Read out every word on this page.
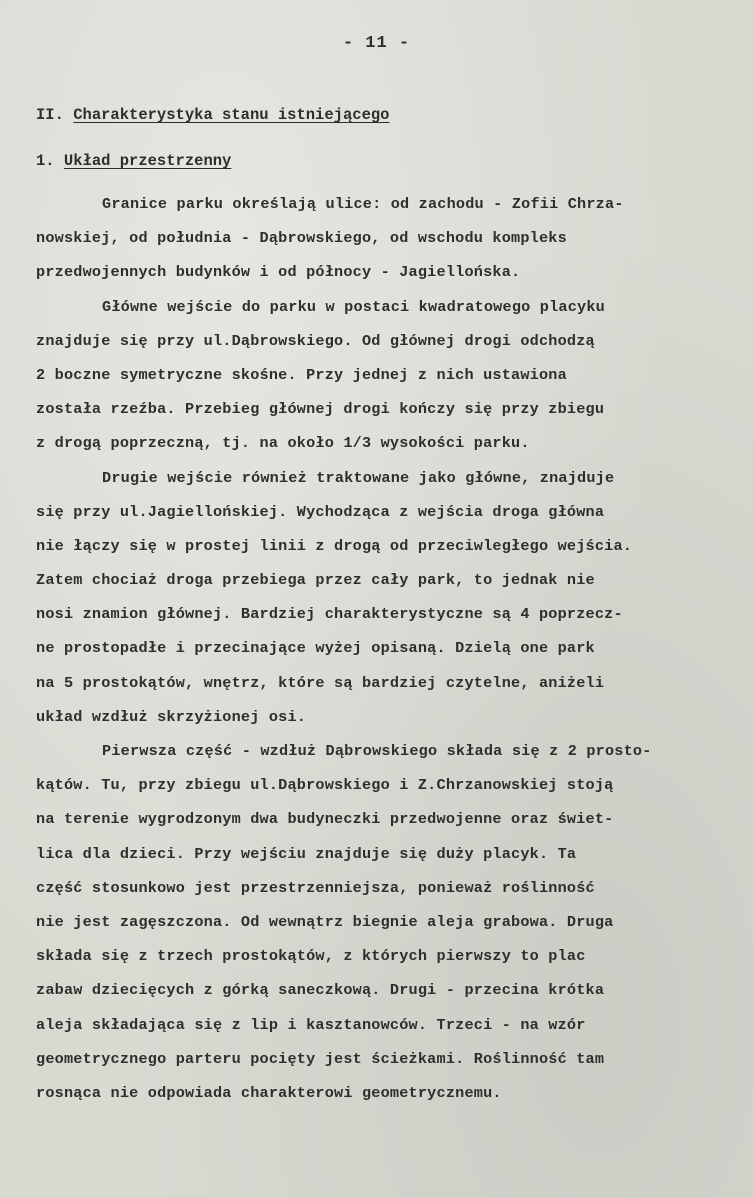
- 11 -
II. Charakterystyka stanu istniejącego
1. Układ przestrzenny
Granice parku określają ulice: od zachodu - Zofii Chrza-
nowskiej, od południa - Dąbrowskiego, od wschodu kompleks
przedwojennych budynków i od północy - Jagiellońska.
Główne wejście do parku w postaci kwadratowego placyku
znajduje się przy ul.Dąbrowskiego. Od głównej drogi odchodzą
2 boczne symetryczne skośne. Przy jednej z nich ustawiona
została rzeźba. Przebieg głównej drogi kończy się przy zbiegu
z drogą poprzeczną, tj. na około 1/3 wysokości parku.
Drugie wejście również traktowane jako główne, znajduje
się przy ul.Jagiellońskiej. Wychodząca z wejścia droga główna
nie łączy się w prostej linii z drogą od przeciwległego wejścia.
Zatem chociaż droga przebiega przez cały park, to jednak nie
nosi znamion głównej. Bardziej charakterystyczne są 4 poprzecz-
ne prostopadłe i przecinające wyżej opisaną. Dzielą one park
na 5 prostokątów, wnętrz, które są bardziej czytelne, aniżeli
układ wzdłuż skrzyżionej osi.
Pierwsza część - wzdłuż Dąbrowskiego składa się z 2 prosto-
kątów. Tu, przy zbiegu ul.Dąbrowskiego i Z.Chrzanowskiej stoją
na terenie wygrodzonym dwa budyneczki przedwojenne oraz świet-
lica dla dzieci. Przy wejściu znajduje się duży placyk. Ta
część stosunkowo jest przestrzenniejsza, ponieważ roślinność
nie jest zagęszczona. Od wewnątrz biegnie aleja grabowa. Druga
składa się z trzech prostokątów, z których pierwszy to plac
zabaw dziecięcych z górką saneczkową. Drugi - przecina krótka
aleja składająca się z lip i kasztanowców. Trzeci - na wzór
geometrycznego parteru pocięty jest ścieżkami. Roślinność tam
rosnąca nie odpowiada charakterowi geometrycznemu.
